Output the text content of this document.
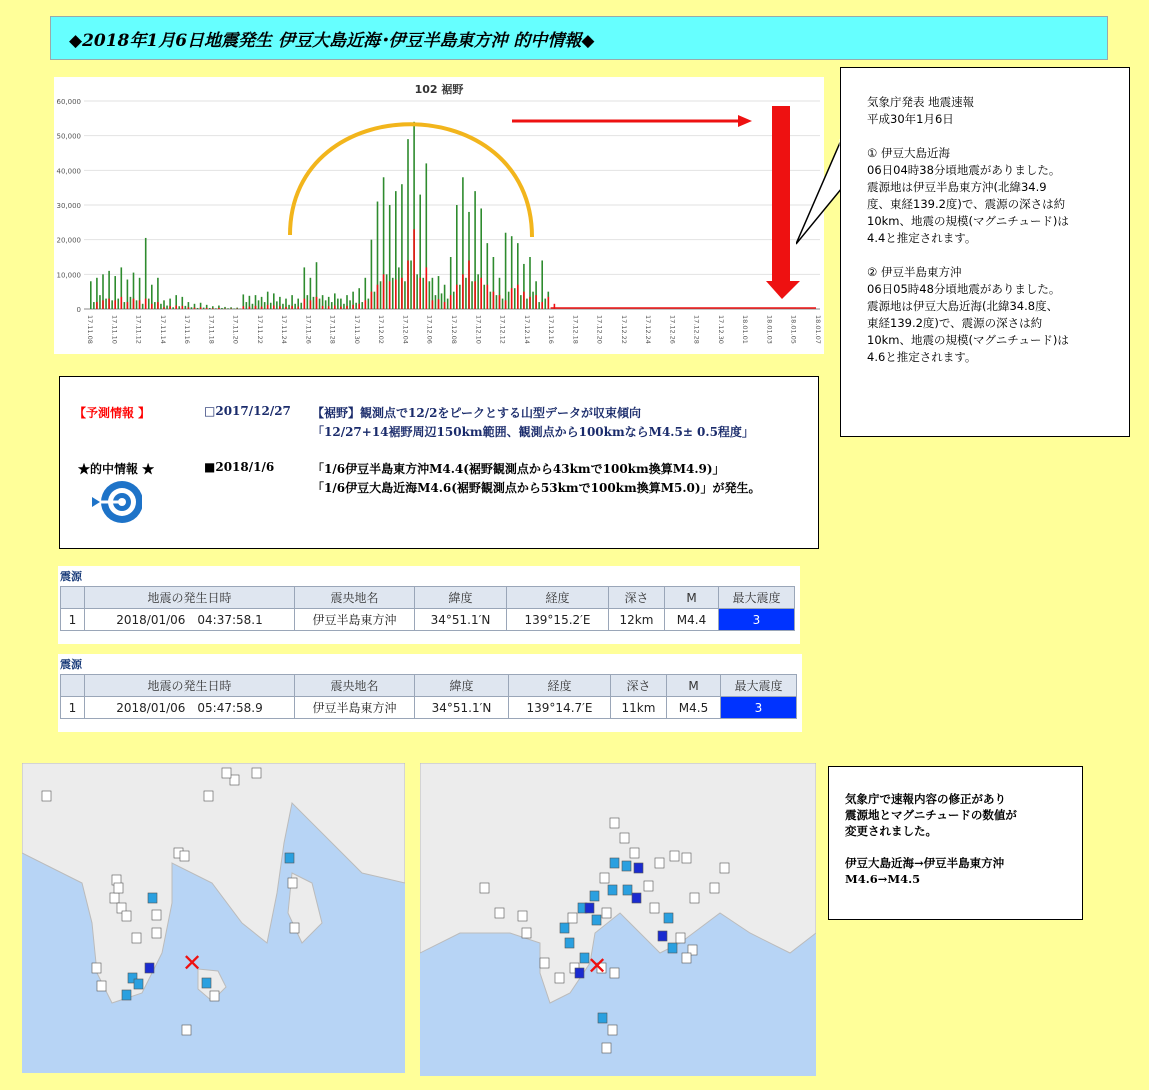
◆2018年1月6日地震発生 伊豆大島近海･伊豆半島東方沖 的中情報◆
102 裾野
0
10,000
20,000
30,000
40,000
50,000
60,000
17.11.08	17.11.10	17.11.12	17.11.14	17.11.16	17.11.18	17.11.20	17.11.22	17.11.24	17.11.26	17.11.28	17.11.30	17.12.02	17.12.04	17.12.06	17.12.08	17.12.10	17.12.12	17.12.14	17.12.16	17.12.18	17.12.20	17.12.22	17.12.24	17.12.26	17.12.28	17.12.30	18.01.01	18.01.03	18.01.05	18.01.07

気象庁発表 地震速報

平成30年1月6日

① 伊豆大島近海

06日04時38分頃地震がありました。

震源地は伊豆半島東方沖(北緯34.9

度、東経139.2度)で、震源の深さは約

10km、地震の規模(マグニチュード)は

4.4と推定されます。

② 伊豆半島東方沖

06日05時48分頃地震がありました。

震源地は伊豆大島近海(北緯34.8度、

東経139.2度)で、震源の深さは約

10km、地震の規模(マグニチュード)は

4.6と推定されます。

【予測情報 】	□2017/12/27 【裾野】観測点で12/2をピークとする山型データが収束傾向
「12/27+14裾野周辺150km範囲、観測点から100kmならM4.5± 0.5程度」
★的中情報 ★	■2018/1/6	「1/6伊豆半島東方沖M4.4(裾野観測点から43kmで100km換算M4.9)」
「1/6伊豆大島近海M4.6(裾野観測点から53kmで100km換算M5.0)」が発生。
震源
	地震の発生日時	震央地名	緯度	経度	深さ	M	最大震度
1	2018/01/06　04:37:58.1	伊豆半島東方沖	34°51.1′N	139°15.2′E	12km	M4.4	3
震源
	地震の発生日時	震央地名	緯度	経度	深さ	M	最大震度
1	2018/01/06　05:47:58.9	伊豆半島東方沖	34°51.1′N	139°14.7′E	11km	M4.5	3
✕	✕

気象庁で速報内容の修正があり

震源地とマグニチュードの数値が

変更されました。

伊豆大島近海→伊豆半島東方沖

M4.6→M4.5
